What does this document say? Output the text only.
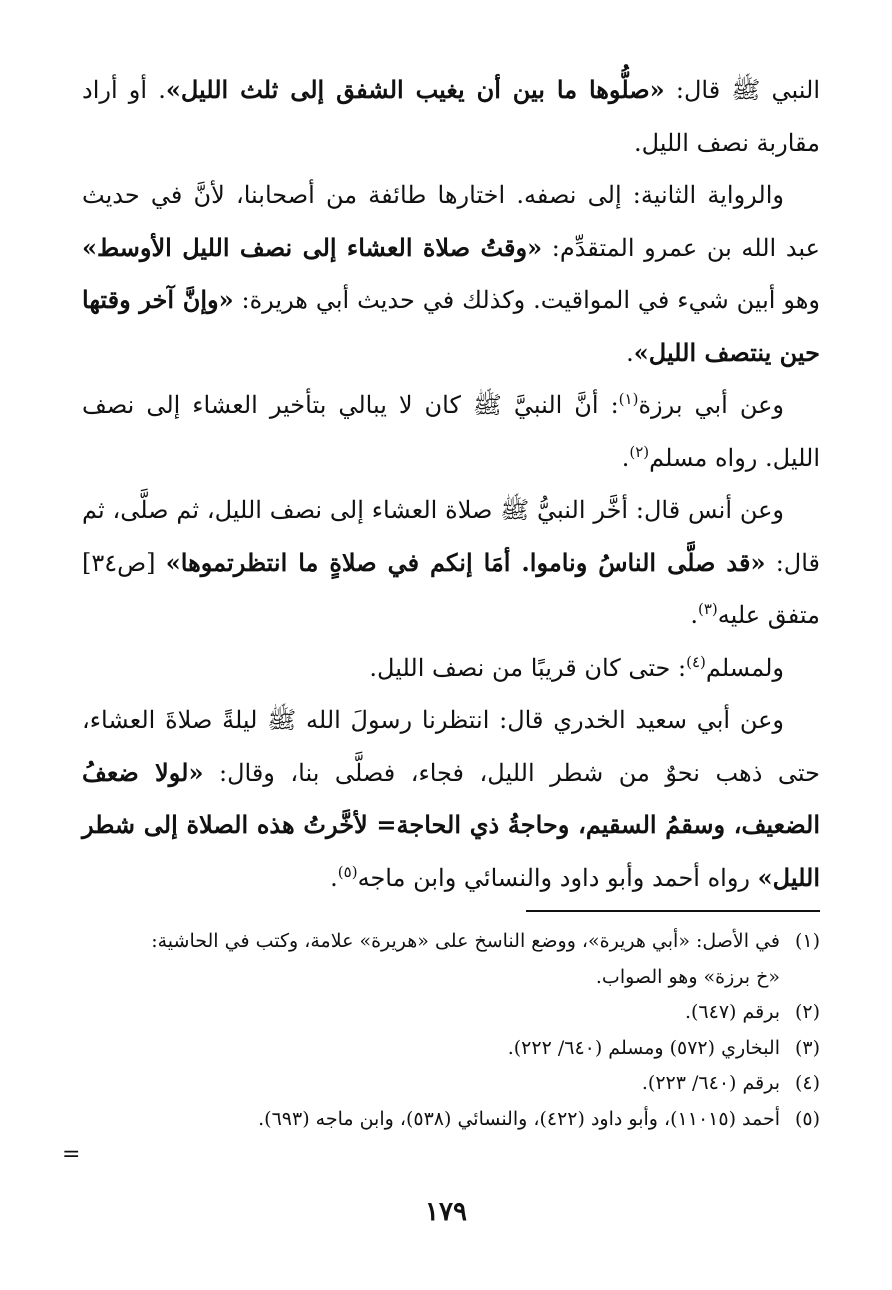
النبي ﷺ قال: «صلُّوها ما بين أن يغيب الشفق إلى ثلث الليل». أو أراد مقاربة نصف الليل.

والرواية الثانية: إلى نصفه. اختارها طائفة من أصحابنا، لأنَّ في حديث عبد الله بن عمرو المتقدِّم: «وقتُ صلاة العشاء إلى نصف الليل الأوسط» وهو أبين شيء في المواقيت. وكذلك في حديث أبي هريرة: «وإنَّ آخر وقتها حين ينتصف الليل».

وعن أبي برزة$^{(١)}$: أنَّ النبيَّ ﷺ كان لا يبالي بتأخير العشاء إلى نصف الليل. رواه مسلم$^{(٢)}$.

وعن أنس قال: أخَّر النبيُّ ﷺ صلاة العشاء إلى نصف الليل، ثم صلَّى، ثم قال: «قد صلَّى الناسُ وناموا. أمَا إنكم في صلاةٍ ما انتظرتموها» [ص٣٤] متفق عليه$^{(٣)}$.

ولمسلم$^{(٤)}$: حتى كان قريبًا من نصف الليل.

وعن أبي سعيد الخدري قال: انتظرنا رسولَ الله ﷺ ليلةً صلاةَ العشاء، حتى ذهب نحوٌ من شطر الليل، فجاء، فصلَّى بنا، وقال: «لولا ضعفُ الضعيف، وسقمُ السقيم، وحاجةُ ذي الحاجة= لأخَّرتُ هذه الصلاة إلى شطر الليل» رواه أحمد وأبو داود والنسائي وابن ماجه$^{(٥)}$.

(١)
في الأصل: «أبي هريرة»، ووضع الناسخ على «هريرة» علامة، وكتب في الحاشية:
«خ برزة» وهو الصواب.
(٢)
برقم (٦٤٧).
(٣)
البخاري (٥٧٢) ومسلم (٦٤٠/ ٢٢٢).
(٤)
برقم (٦٤٠/ ٢٢٣).
(٥)
أحمد (١١٠١٥)، وأبو داود (٤٢٢)، والنسائي (٥٣٨)، وابن ماجه (٦٩٣).
=
١٧٩
